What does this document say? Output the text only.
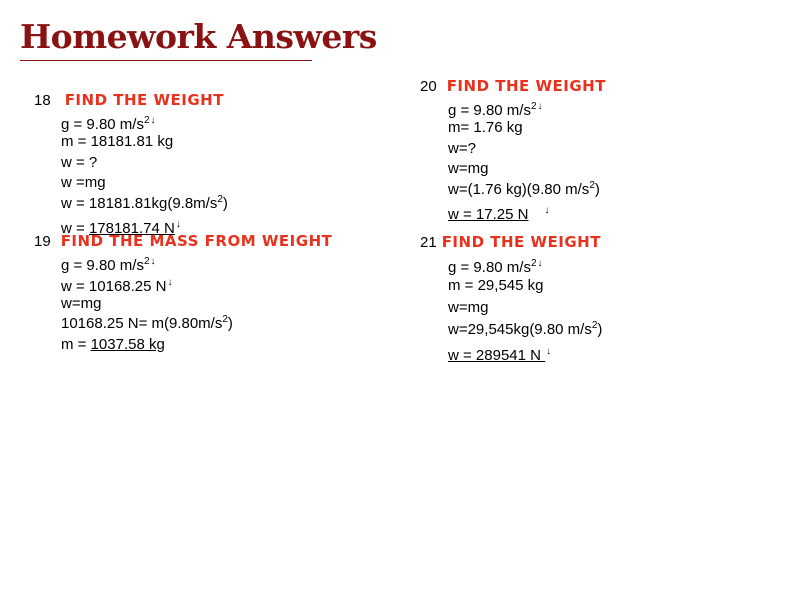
Homework Answers
18 FIND THE WEIGHT
g = 9.80 $m/s^{2↓}$
m = 18181.81 kg
w = ?
w =mg
$w = 18181.81kg(9.8m/s^2)$
w = 178181.74 N↓
19 FIND THE MASS FROM WEIGHT
g = 9.80 $m/s^{2↓}$
w = 10168.25 N↓
w=mg
10168.25 $N= m(9.80m/s^2)$
m = 1037.58 kg
20 FIND THE WEIGHT
g = 9.80 $m/s^{2↓}$
m= 1.76 kg
w=?
w=mg
w=(1.76 kg)(9.80 $m/s^2$)
w = 17.25 N ↓
21 FIND THE WEIGHT
g = 9.80 $m/s^{2↓}$
m = 29,545 kg
w=mg
w=29,545kg(9.80 $m/s^2$)
w = 289541 N ↓
